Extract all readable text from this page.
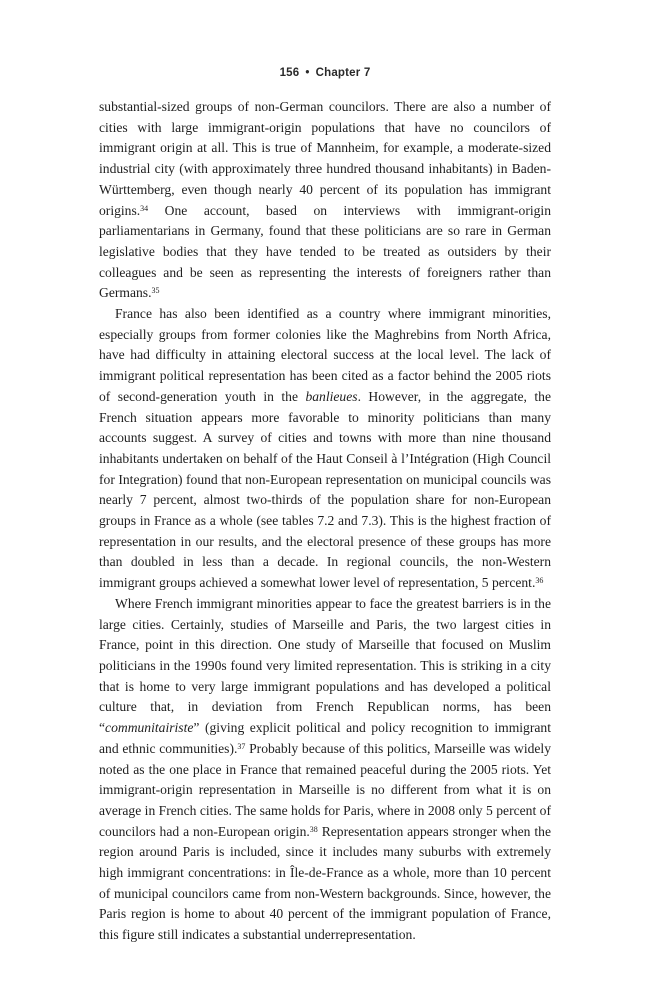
156 • Chapter 7

substantial-sized groups of non-German councilors. There are also a number of cities with large immigrant-origin populations that have no councilors of immigrant origin at all. This is true of Mannheim, for example, a moderate-sized industrial city (with approximately three hundred thousand inhabitants) in Baden-Württemberg, even though nearly 40 percent of its population has immigrant origins.$^{34}$ One account, based on interviews with immigrant-origin parliamentarians in Germany, found that these politicians are so rare in German legislative bodies that they have tended to be treated as outsiders by their colleagues and be seen as representing the interests of foreigners rather than Germans.$^{35}$

France has also been identified as a country where immigrant minorities, especially groups from former colonies like the Maghrebins from North Africa, have had difficulty in attaining electoral success at the local level. The lack of immigrant political representation has been cited as a factor behind the 2005 riots of second-generation youth in the banlieues. However, in the aggregate, the French situation appears more favorable to minority politicians than many accounts suggest. A survey of cities and towns with more than nine thousand inhabitants undertaken on behalf of the Haut Conseil à l’Intégration (High Council for Integration) found that non-European representation on municipal councils was nearly 7 percent, almost two-thirds of the population share for non-European groups in France as a whole (see tables 7.2 and 7.3). This is the highest fraction of representation in our results, and the electoral presence of these groups has more than doubled in less than a decade. In regional councils, the non-Western immigrant groups achieved a somewhat lower level of representation, 5 percent.$^{36}$

Where French immigrant minorities appear to face the greatest barriers is in the large cities. Certainly, studies of Marseille and Paris, the two largest cities in France, point in this direction. One study of Marseille that focused on Muslim politicians in the 1990s found very limited representation. This is striking in a city that is home to very large immigrant populations and has developed a political culture that, in deviation from French Republican norms, has been “communitairiste” (giving explicit political and policy recognition to immigrant and ethnic communities).$^{37}$ Probably because of this politics, Marseille was widely noted as the one place in France that remained peaceful during the 2005 riots. Yet immigrant-origin representation in Marseille is no different from what it is on average in French cities. The same holds for Paris, where in 2008 only 5 percent of councilors had a non-European origin.$^{38}$ Representation appears stronger when the region around Paris is included, since it includes many suburbs with extremely high immigrant concentrations: in Île-de-France as a whole, more than 10 percent of municipal councilors came from non-Western backgrounds. Since, however, the Paris region is home to about 40 percent of the immigrant population of France, this figure still indicates a substantial underrepresentation.
